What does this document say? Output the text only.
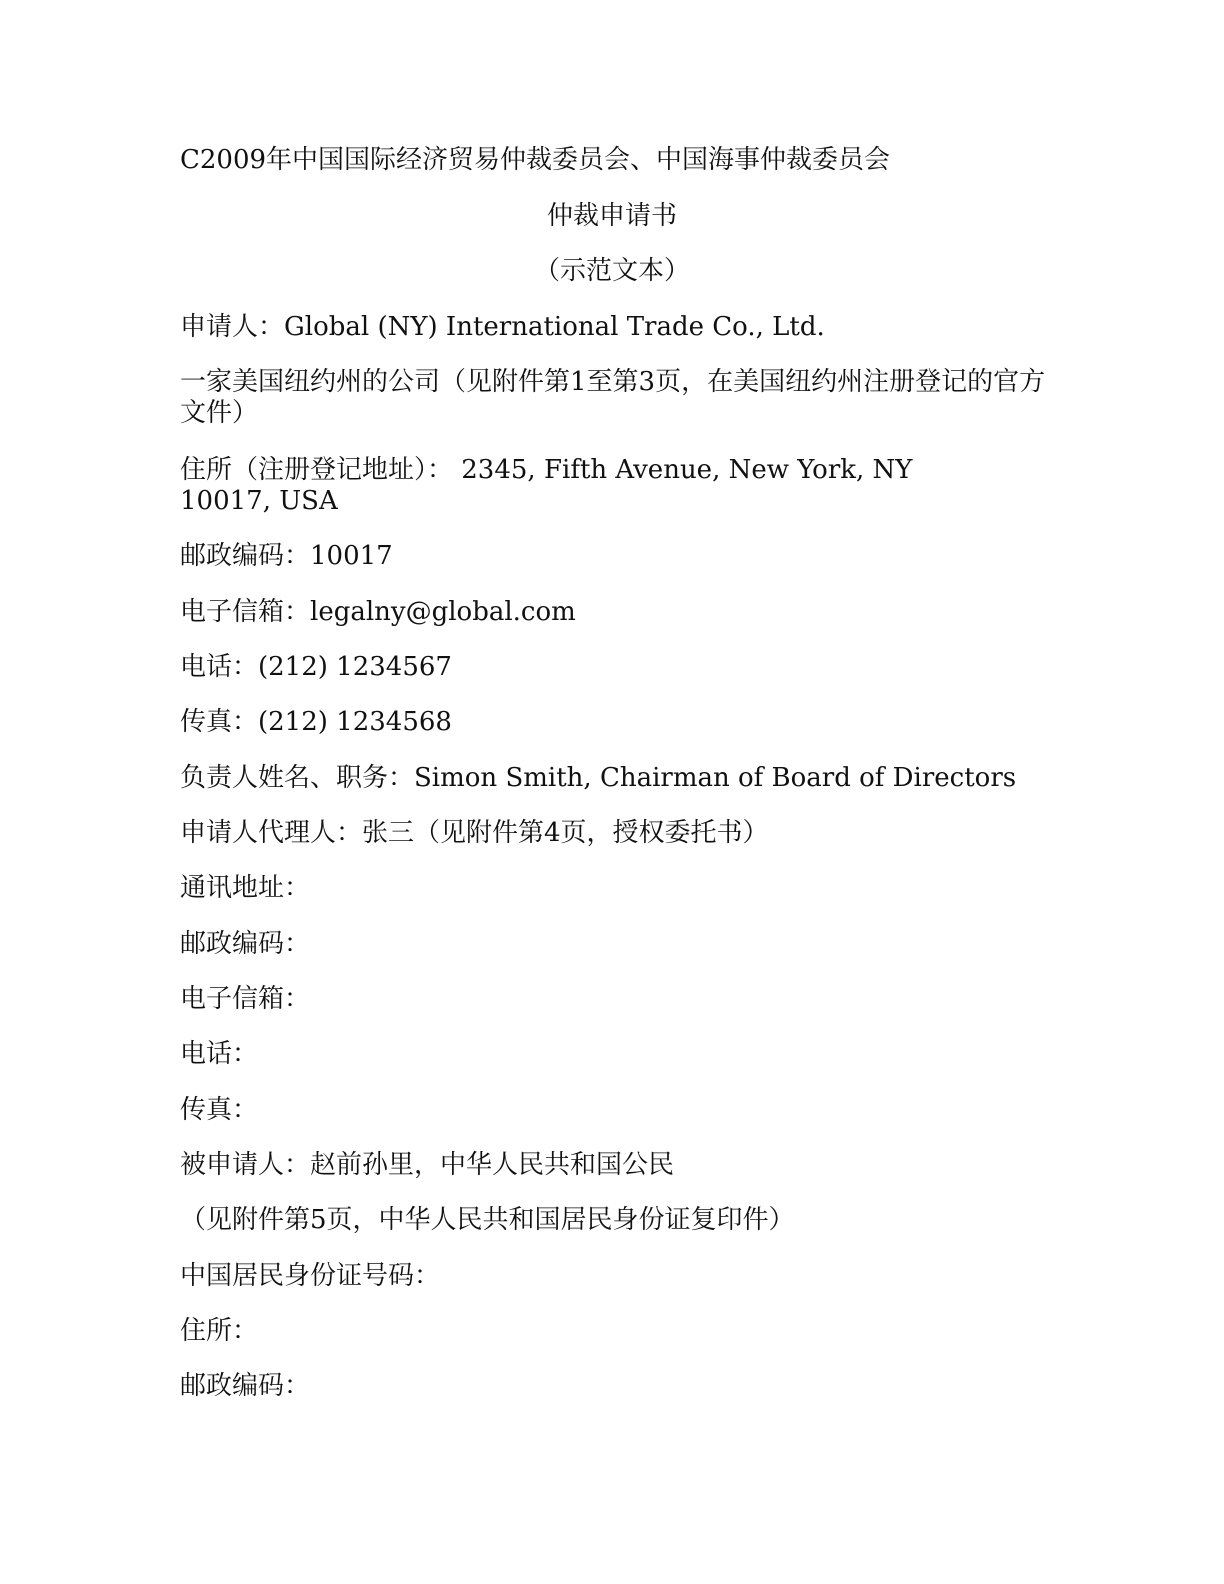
C2009年中国国际经济贸易仲裁委员会、中国海事仲裁委员会
仲裁申请书
（示范文本）
申请人：Global (NY) International Trade Co., Ltd.
一家美国纽约州的公司（见附件第1至第3页，在美国纽约州注册登记的官方文件）
住所（注册登记地址）： 2345, Fifth Avenue, New York, NY 10017, USA
邮政编码：10017
电子信箱：legalny@global.com
电话：(212) 1234567
传真：(212) 1234568
负责人姓名、职务：Simon Smith, Chairman of Board of Directors
申请人代理人：张三（见附件第4页，授权委托书）
通讯地址：
邮政编码：
电子信箱：
电话：
传真：
被申请人：赵前孙里，中华人民共和国公民
（见附件第5页，中华人民共和国居民身份证复印件）
中国居民身份证号码：
住所：
邮政编码：
